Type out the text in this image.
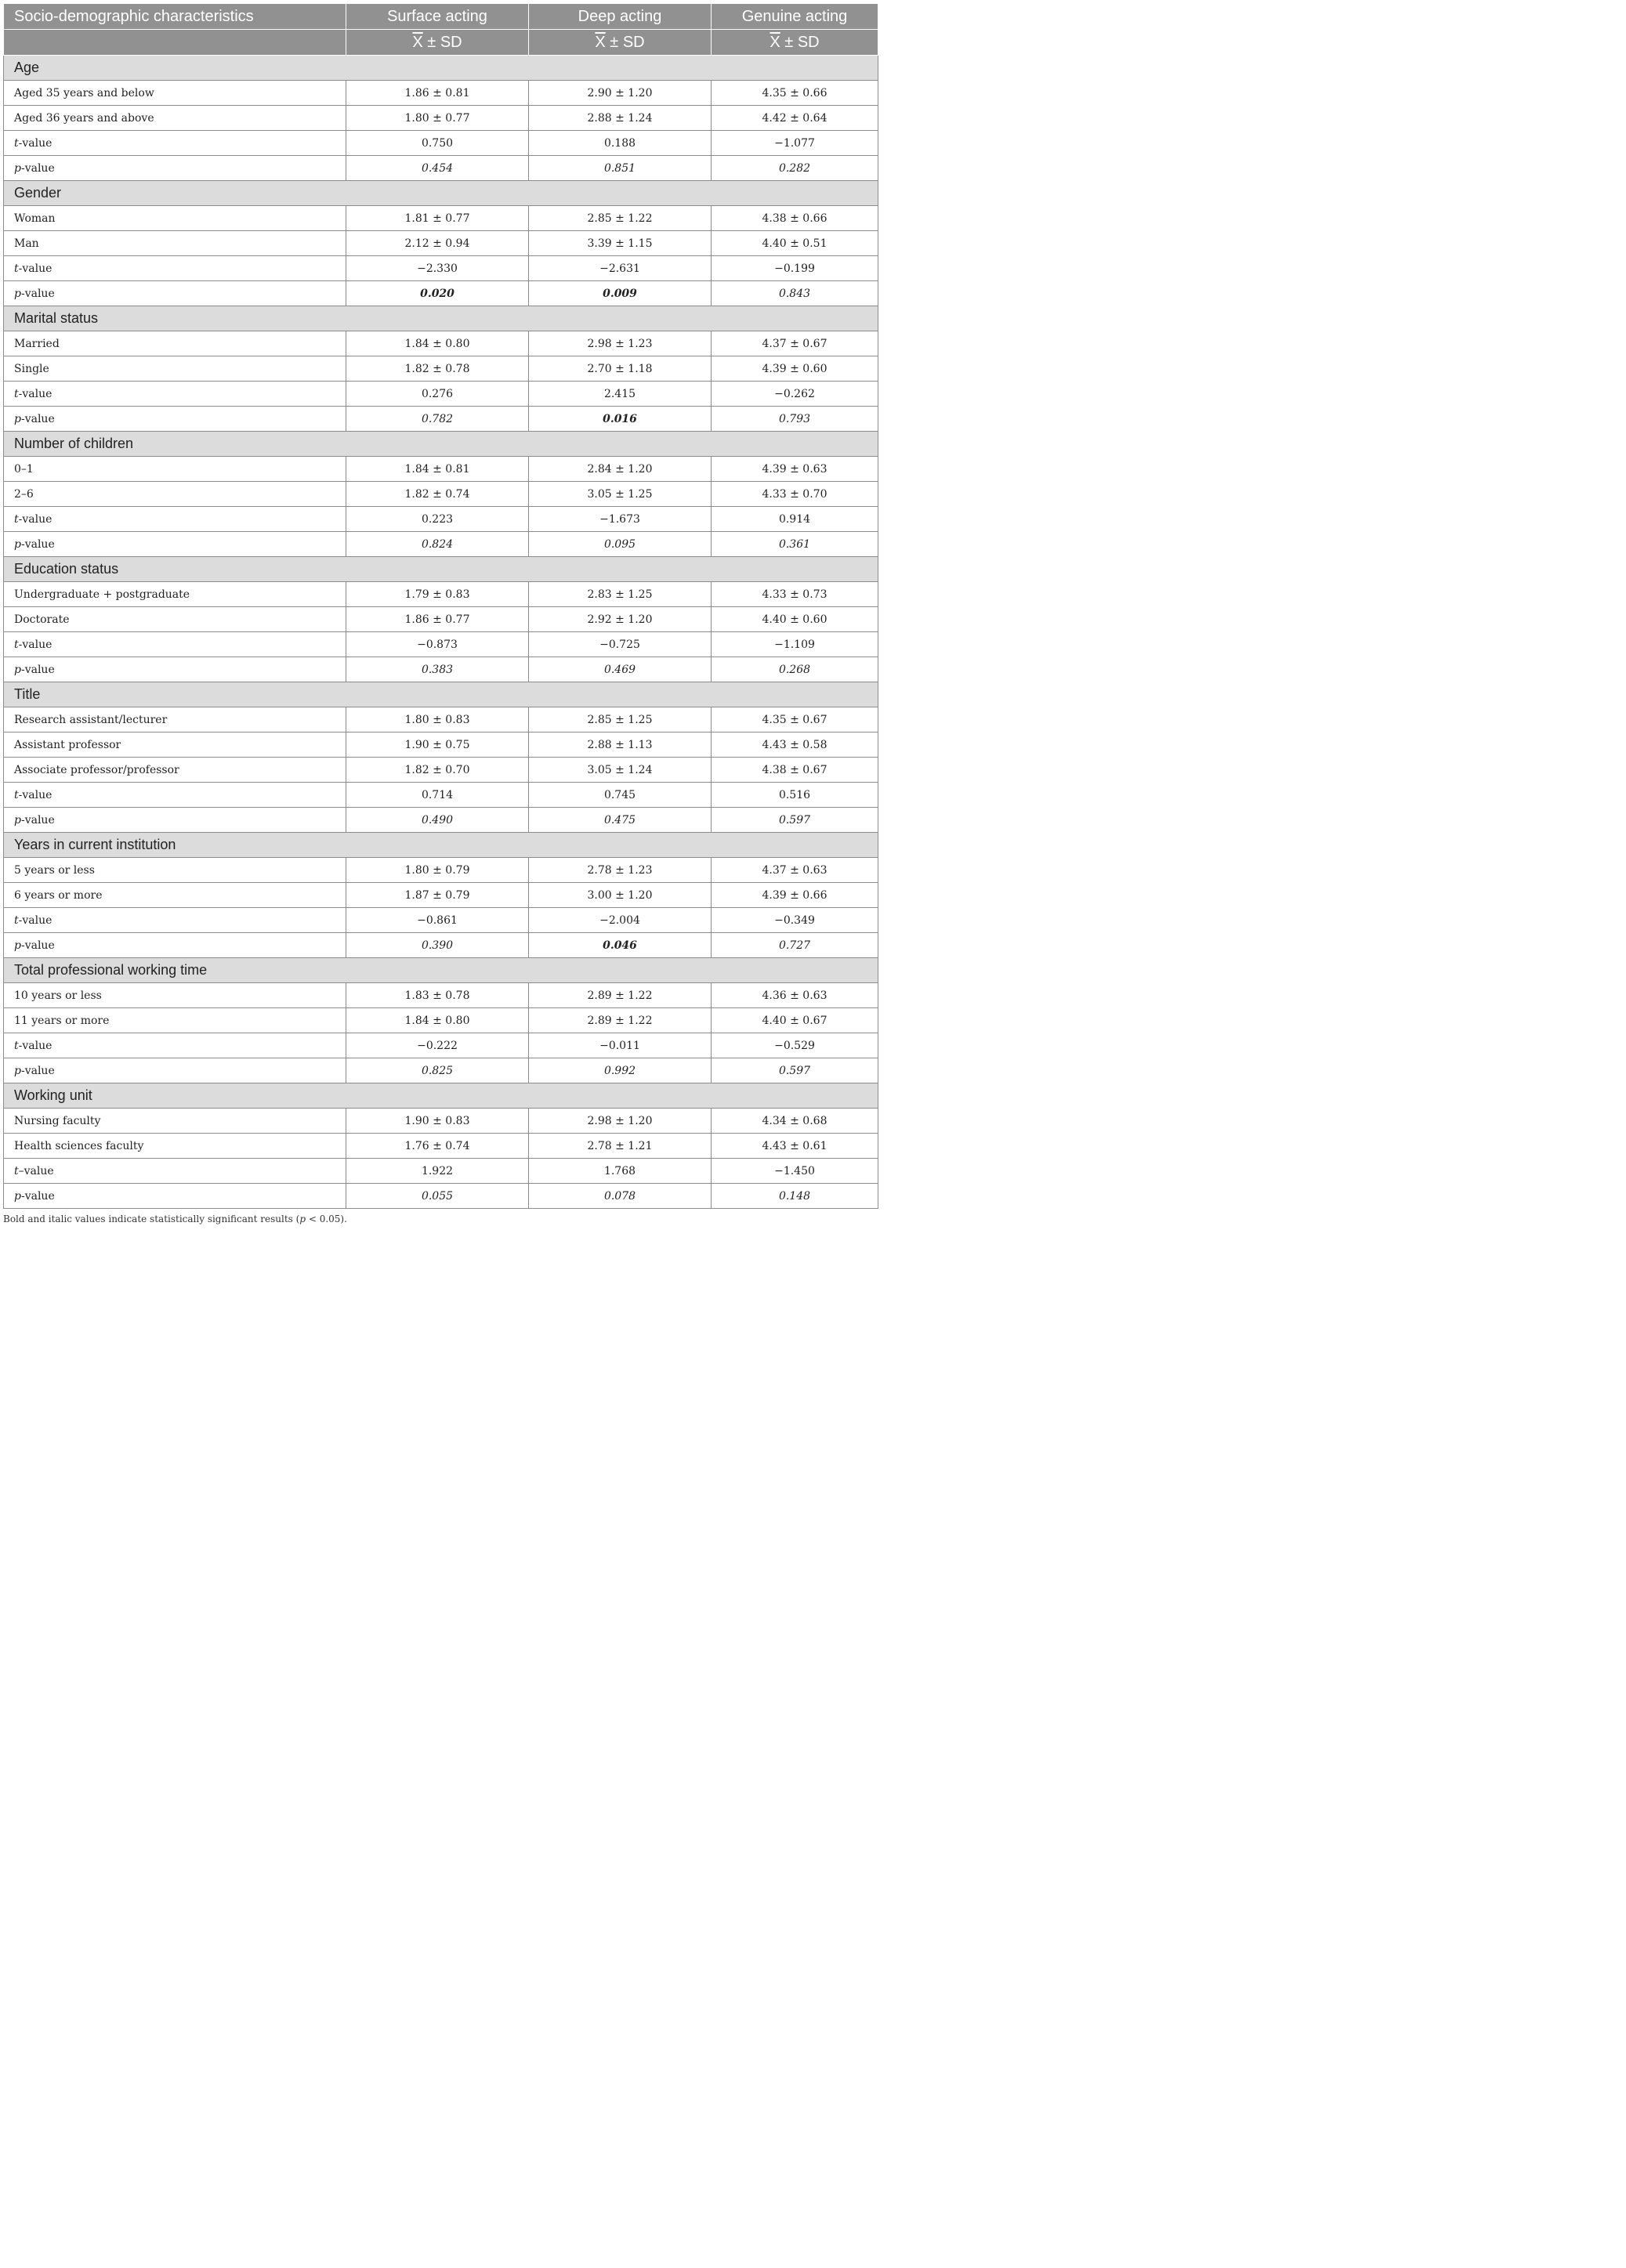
Socio-demographic characteristics	Surface acting	Deep acting	Genuine acting
	$\overline{X}$ ± SD	$\overline{X}$ ± SD	$\overline{X}$ ± SD
Age			
Aged 35 years and below	1.86 ± 0.81	2.90 ± 1.20	4.35 ± 0.66
Aged 36 years and above	1.80 ± 0.77	2.88 ± 1.24	4.42 ± 0.64
t-value	0.750	0.188	−1.077
p-value	0.454	0.851	0.282
Gender			
Woman	1.81 ± 0.77	2.85 ± 1.22	4.38 ± 0.66
Man	2.12 ± 0.94	3.39 ± 1.15	4.40 ± 0.51
t-value	−2.330	−2.631	−0.199
p-value	0.020	0.009	0.843
Marital status			
Married	1.84 ± 0.80	2.98 ± 1.23	4.37 ± 0.67
Single	1.82 ± 0.78	2.70 ± 1.18	4.39 ± 0.60
t-value	0.276	2.415	−0.262
p-value	0.782	0.016	0.793
Number of children			
0–1	1.84 ± 0.81	2.84 ± 1.20	4.39 ± 0.63
2–6	1.82 ± 0.74	3.05 ± 1.25	4.33 ± 0.70
t-value	0.223	−1.673	0.914
p-value	0.824	0.095	0.361
Education status			
Undergraduate + postgraduate	1.79 ± 0.83	2.83 ± 1.25	4.33 ± 0.73
Doctorate	1.86 ± 0.77	2.92 ± 1.20	4.40 ± 0.60
t-value	−0.873	−0.725	−1.109
p-value	0.383	0.469	0.268
Title			
Research assistant/lecturer	1.80 ± 0.83	2.85 ± 1.25	4.35 ± 0.67
Assistant professor	1.90 ± 0.75	2.88 ± 1.13	4.43 ± 0.58
Associate professor/professor	1.82 ± 0.70	3.05 ± 1.24	4.38 ± 0.67
t-value	0.714	0.745	0.516
p-value	0.490	0.475	0.597
Years in current institution			
5 years or less	1.80 ± 0.79	2.78 ± 1.23	4.37 ± 0.63
6 years or more	1.87 ± 0.79	3.00 ± 1.20	4.39 ± 0.66
t-value	−0.861	−2.004	−0.349
p-value	0.390	0.046	0.727
Total professional working time			
10 years or less	1.83 ± 0.78	2.89 ± 1.22	4.36 ± 0.63
11 years or more	1.84 ± 0.80	2.89 ± 1.22	4.40 ± 0.67
t-value	−0.222	−0.011	−0.529
p-value	0.825	0.992	0.597
Working unit			
Nursing faculty	1.90 ± 0.83	2.98 ± 1.20	4.34 ± 0.68
Health sciences faculty	1.76 ± 0.74	2.78 ± 1.21	4.43 ± 0.61
t–value	1.922	1.768	−1.450
p-value	0.055	0.078	0.148
Bold and italic values indicate statistically significant results (p < 0.05).
